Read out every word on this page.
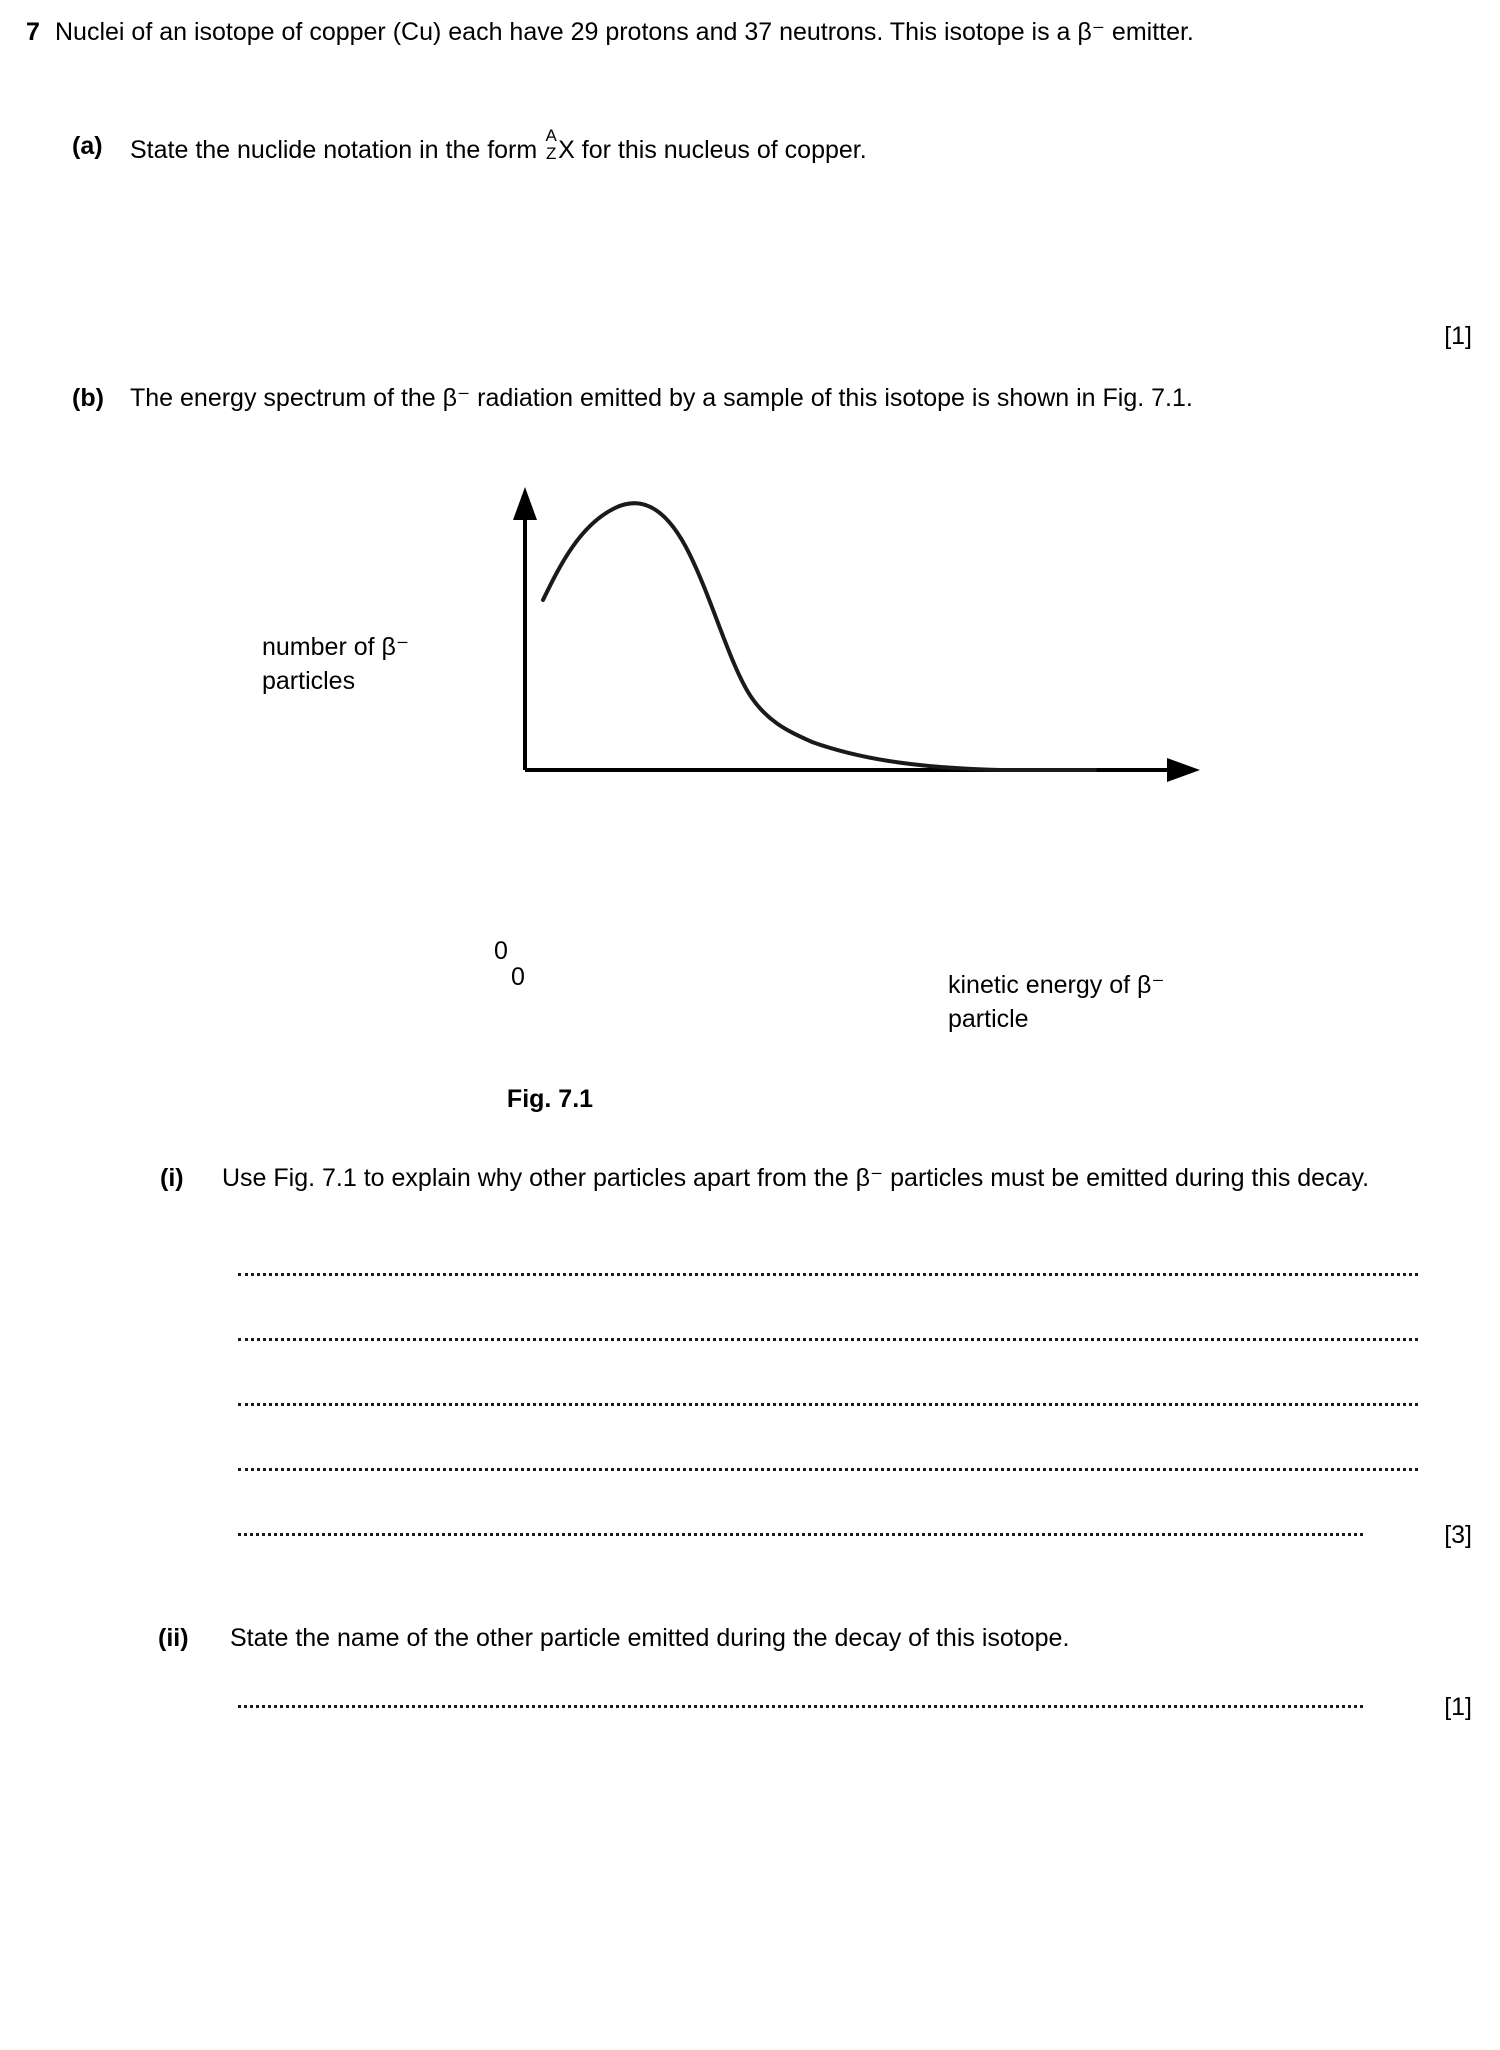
7 Nuclei of an isotope of copper (Cu) each have 29 protons and 37 neutrons. This isotope is a β⁻ emitter.
(a)	State the nuclide notation in the form
A
Z X for this nucleus of copper.
[1]
(b)	The energy spectrum of the β⁻ radiation emitted by a sample of this isotope is shown in Fig. 7.1.
number of β⁻ particles
kinetic energy of β⁻ particle
0
0
Fig. 7.1
(i)	Use Fig. 7.1 to explain why other particles apart from the β⁻ particles must be emitted during this decay.
[3]
(ii)	State the name of the other particle emitted during the decay of this isotope.
[1]
